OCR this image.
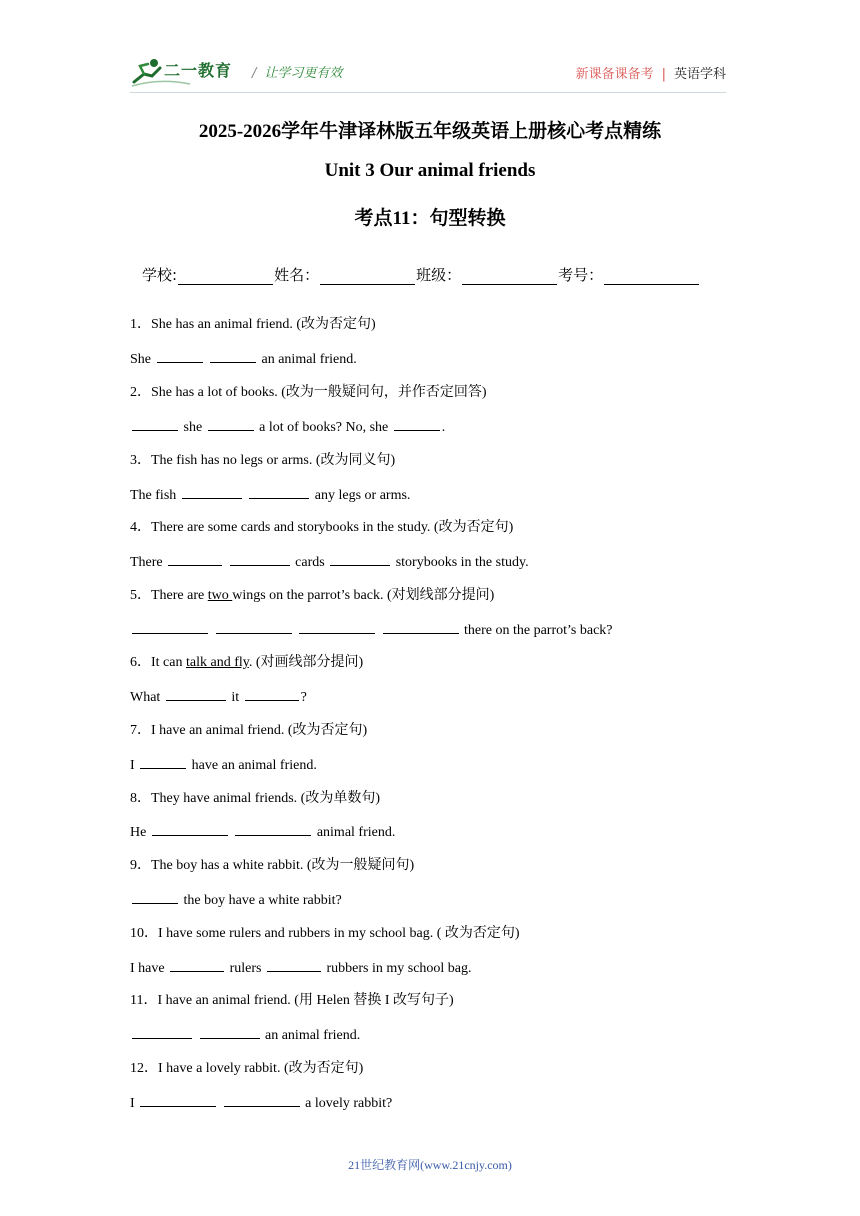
二一教育 / 让学习更有效	新课备课备考 | 英语学科
2025-2026学年牛津译林版五年级英语上册核心考点精练
Unit 3 Our animal friends
考点11：句型转换
学校:	姓名：	班级：	考号：
1．She has an animal friend. (改为否定句)
She	an animal friend.
2．She has a lot of books. (改为一般疑问句，并作否定回答)
she	a lot of books? No, she	.
3．The fish has no legs or arms. (改为同义句)
The fish	any legs or arms.
4．There are some cards and storybooks in the study. (改为否定句)
There	cards	storybooks in the study.
5．There are two wings on the parrot’s back. (对划线部分提问)
there on the parrot’s back?
6．It can talk and fly. (对画线部分提问)
What	it	?
7．I have an animal friend. (改为否定句)
I	have an animal friend.
8．They have animal friends. (改为单数句)
He	animal friend.
9．The boy has a white rabbit. (改为一般疑问句)
the boy have a white rabbit?
10．I have some rulers and rubbers in my school bag. ( 改为否定句)
I have	rulers	rubbers in my school bag.
11．I have an animal friend. (用 Helen 替换 I 改写句子)
an animal friend.
12．I have a lovely rabbit. (改为否定句)
I	a lovely rabbit?
21世纪教育网(www.21cnjy.com)
